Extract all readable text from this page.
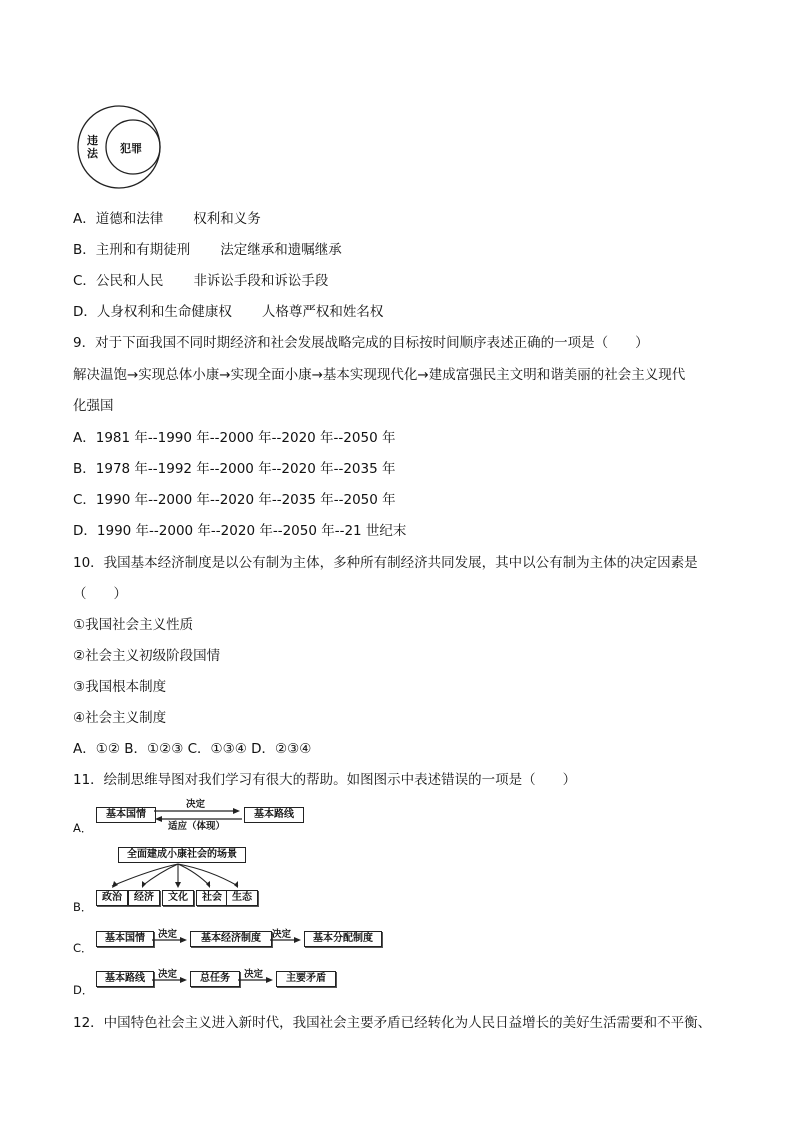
违法 犯罪
A．道德和法律 权利和义务
B．主刑和有期徒刑 法定继承和遗嘱继承
C．公民和人民 非诉讼手段和诉讼手段
D．人身权利和生命健康权 人格尊严权和姓名权
9．对于下面我国不同时期经济和社会发展战略完成的目标按时间顺序表述正确的一项是（　　）
解决温饱→实现总体小康→实现全面小康→基本实现现代化→建成富强民主文明和谐美丽的社会主义现代
化强国
A．1981 年--1990 年--2000 年--2020 年--2050 年
B．1978 年--1992 年--2000 年--2020 年--2035 年
C．1990 年--2000 年--2020 年--2035 年--2050 年
D．1990 年--2000 年--2020 年--2050 年--21 世纪末
10．我国基本经济制度是以公有制为主体，多种所有制经济共同发展，其中以公有制为主体的决定因素是
（　　）
①我国社会主义性质
②社会主义初级阶段国情
③我国根本制度
④社会主义制度
A．①② B．①②③ C．①③④ D．②③④
11．绘制思维导图对我们学习有很大的帮助。如图图示中表述错误的一项是（　　）
A．
基本国情	基本路线
决定
适应（体现）
B．
全面建成小康社会的场景
政治	经济	文化	社会	生态
C．
基本国情	基本经济制度	基本分配制度
决定	决定
D．
基本路线	总任务	主要矛盾
决定	决定
12．中国特色社会主义进入新时代，我国社会主要矛盾已经转化为人民日益增长的美好生活需要和不平衡、
